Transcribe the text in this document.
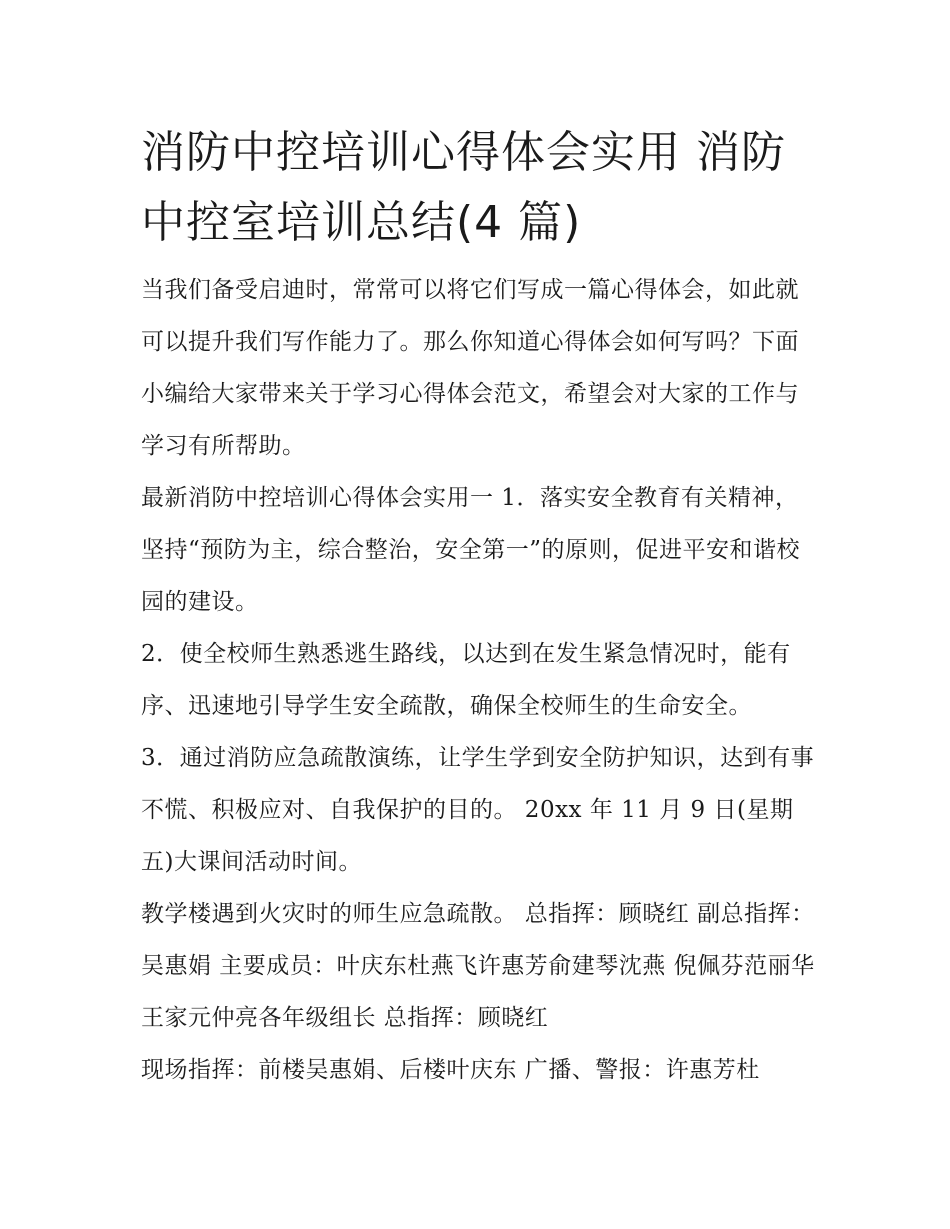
消防中控培训心得体会实用 消防中控室培训总结(4 篇)

当我们备受启迪时，常常可以将它们写成一篇心得体会，如此就可以提升我们写作能力了。那么你知道心得体会如何写吗？下面小编给大家带来关于学习心得体会范文，希望会对大家的工作与学习有所帮助。

最新消防中控培训心得体会实用一 1．落实安全教育有关精神，坚持“预防为主，综合整治，安全第一”的原则，促进平安和谐校园的建设。

2．使全校师生熟悉逃生路线，以达到在发生紧急情况时，能有序、迅速地引导学生安全疏散，确保全校师生的生命安全。

3．通过消防应急疏散演练，让学生学到安全防护知识，达到有事不慌、积极应对、自我保护的目的。 20xx 年 11 月 9 日(星期五)大课间活动时间。

教学楼遇到火灾时的师生应急疏散。 总指挥：顾晓红 副总指挥：吴惠娟 主要成员：叶庆东杜燕飞许惠芳俞建琴沈燕 倪佩芬范丽华王家元仲亮各年级组长 总指挥：顾晓红

现场指挥：前楼吴惠娟、后楼叶庆东 广播、警报：许惠芳杜
